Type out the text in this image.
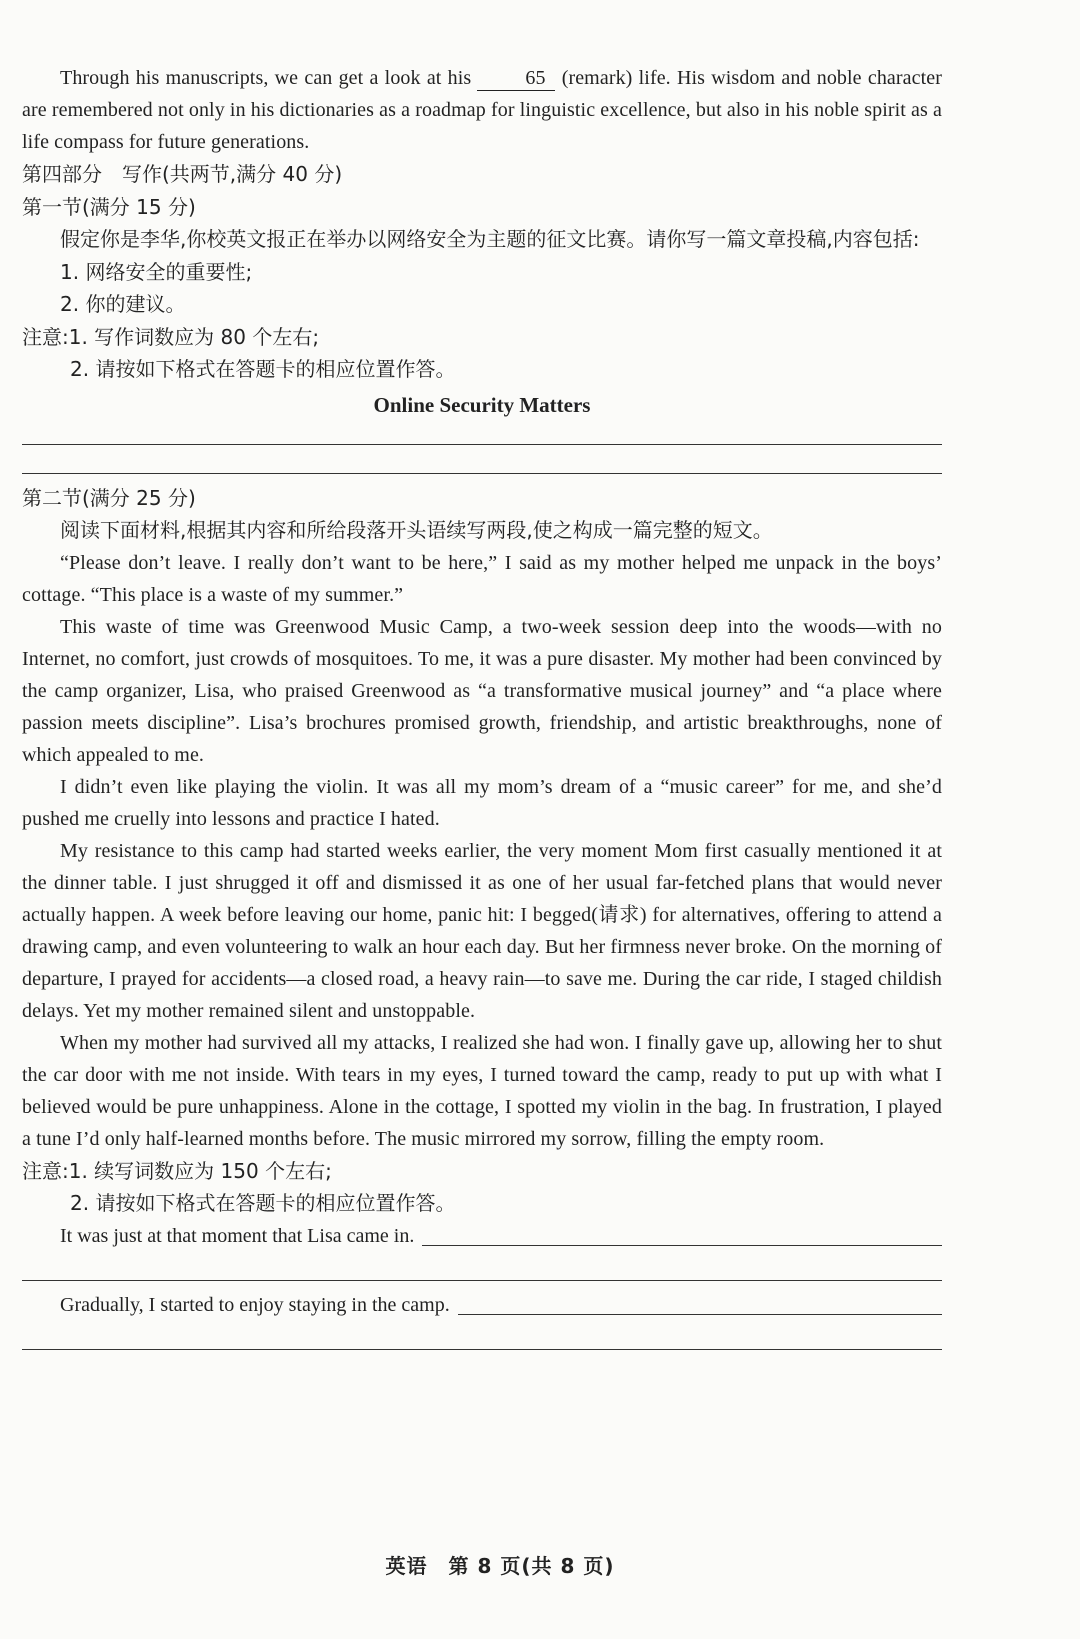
Through his manuscripts, we can get a look at his	65 (remark) life. His wisdom and noble character are remembered not only in his dictionaries as a roadmap for linguistic excellence, but also in his noble spirit as a life compass for future generations.

第四部分　写作(共两节,满分 40 分)

第一节(满分 15 分)

假定你是李华,你校英文报正在举办以网络安全为主题的征文比赛。请你写一篇文章投稿,内容包括:

1. 网络安全的重要性;

2. 你的建议。

注意:1. 写作词数应为 80 个左右;

2. 请按如下格式在答题卡的相应位置作答。

Online Security Matters

第二节(满分 25 分)

阅读下面材料,根据其内容和所给段落开头语续写两段,使之构成一篇完整的短文。

“Please don’t leave. I really don’t want to be here,” I said as my mother helped me unpack in the boys’ cottage. “This place is a waste of my summer.”

This waste of time was Greenwood Music Camp, a two-week session deep into the woods—with no Internet, no comfort, just crowds of mosquitoes. To me, it was a pure disaster. My mother had been convinced by the camp organizer, Lisa, who praised Greenwood as “a transformative musical journey” and “a place where passion meets discipline”. Lisa’s brochures promised growth, friendship, and artistic breakthroughs, none of which appealed to me.

I didn’t even like playing the violin. It was all my mom’s dream of a “music career” for me, and she’d pushed me cruelly into lessons and practice I hated.

My resistance to this camp had started weeks earlier, the very moment Mom first casually mentioned it at the dinner table. I just shrugged it off and dismissed it as one of her usual far-fetched plans that would never actually happen. A week before leaving our home, panic hit: I begged(请求) for alternatives, offering to attend a drawing camp, and even volunteering to walk an hour each day. But her firmness never broke. On the morning of departure, I prayed for accidents—a closed road, a heavy rain—to save me. During the car ride, I staged childish delays. Yet my mother remained silent and unstoppable.

When my mother had survived all my attacks, I realized she had won. I finally gave up, allowing her to shut the car door with me not inside. With tears in my eyes, I turned toward the camp, ready to put up with what I believed would be pure unhappiness. Alone in the cottage, I spotted my violin in the bag. In frustration, I played a tune I’d only half-learned months before. The music mirrored my sorrow, filling the empty room.

注意:1. 续写词数应为 150 个左右;

2. 请按如下格式在答题卡的相应位置作答。

It was just at that moment that Lisa came in.
Gradually, I started to enjoy staying in the camp.
英语　第 8 页(共 8 页)
